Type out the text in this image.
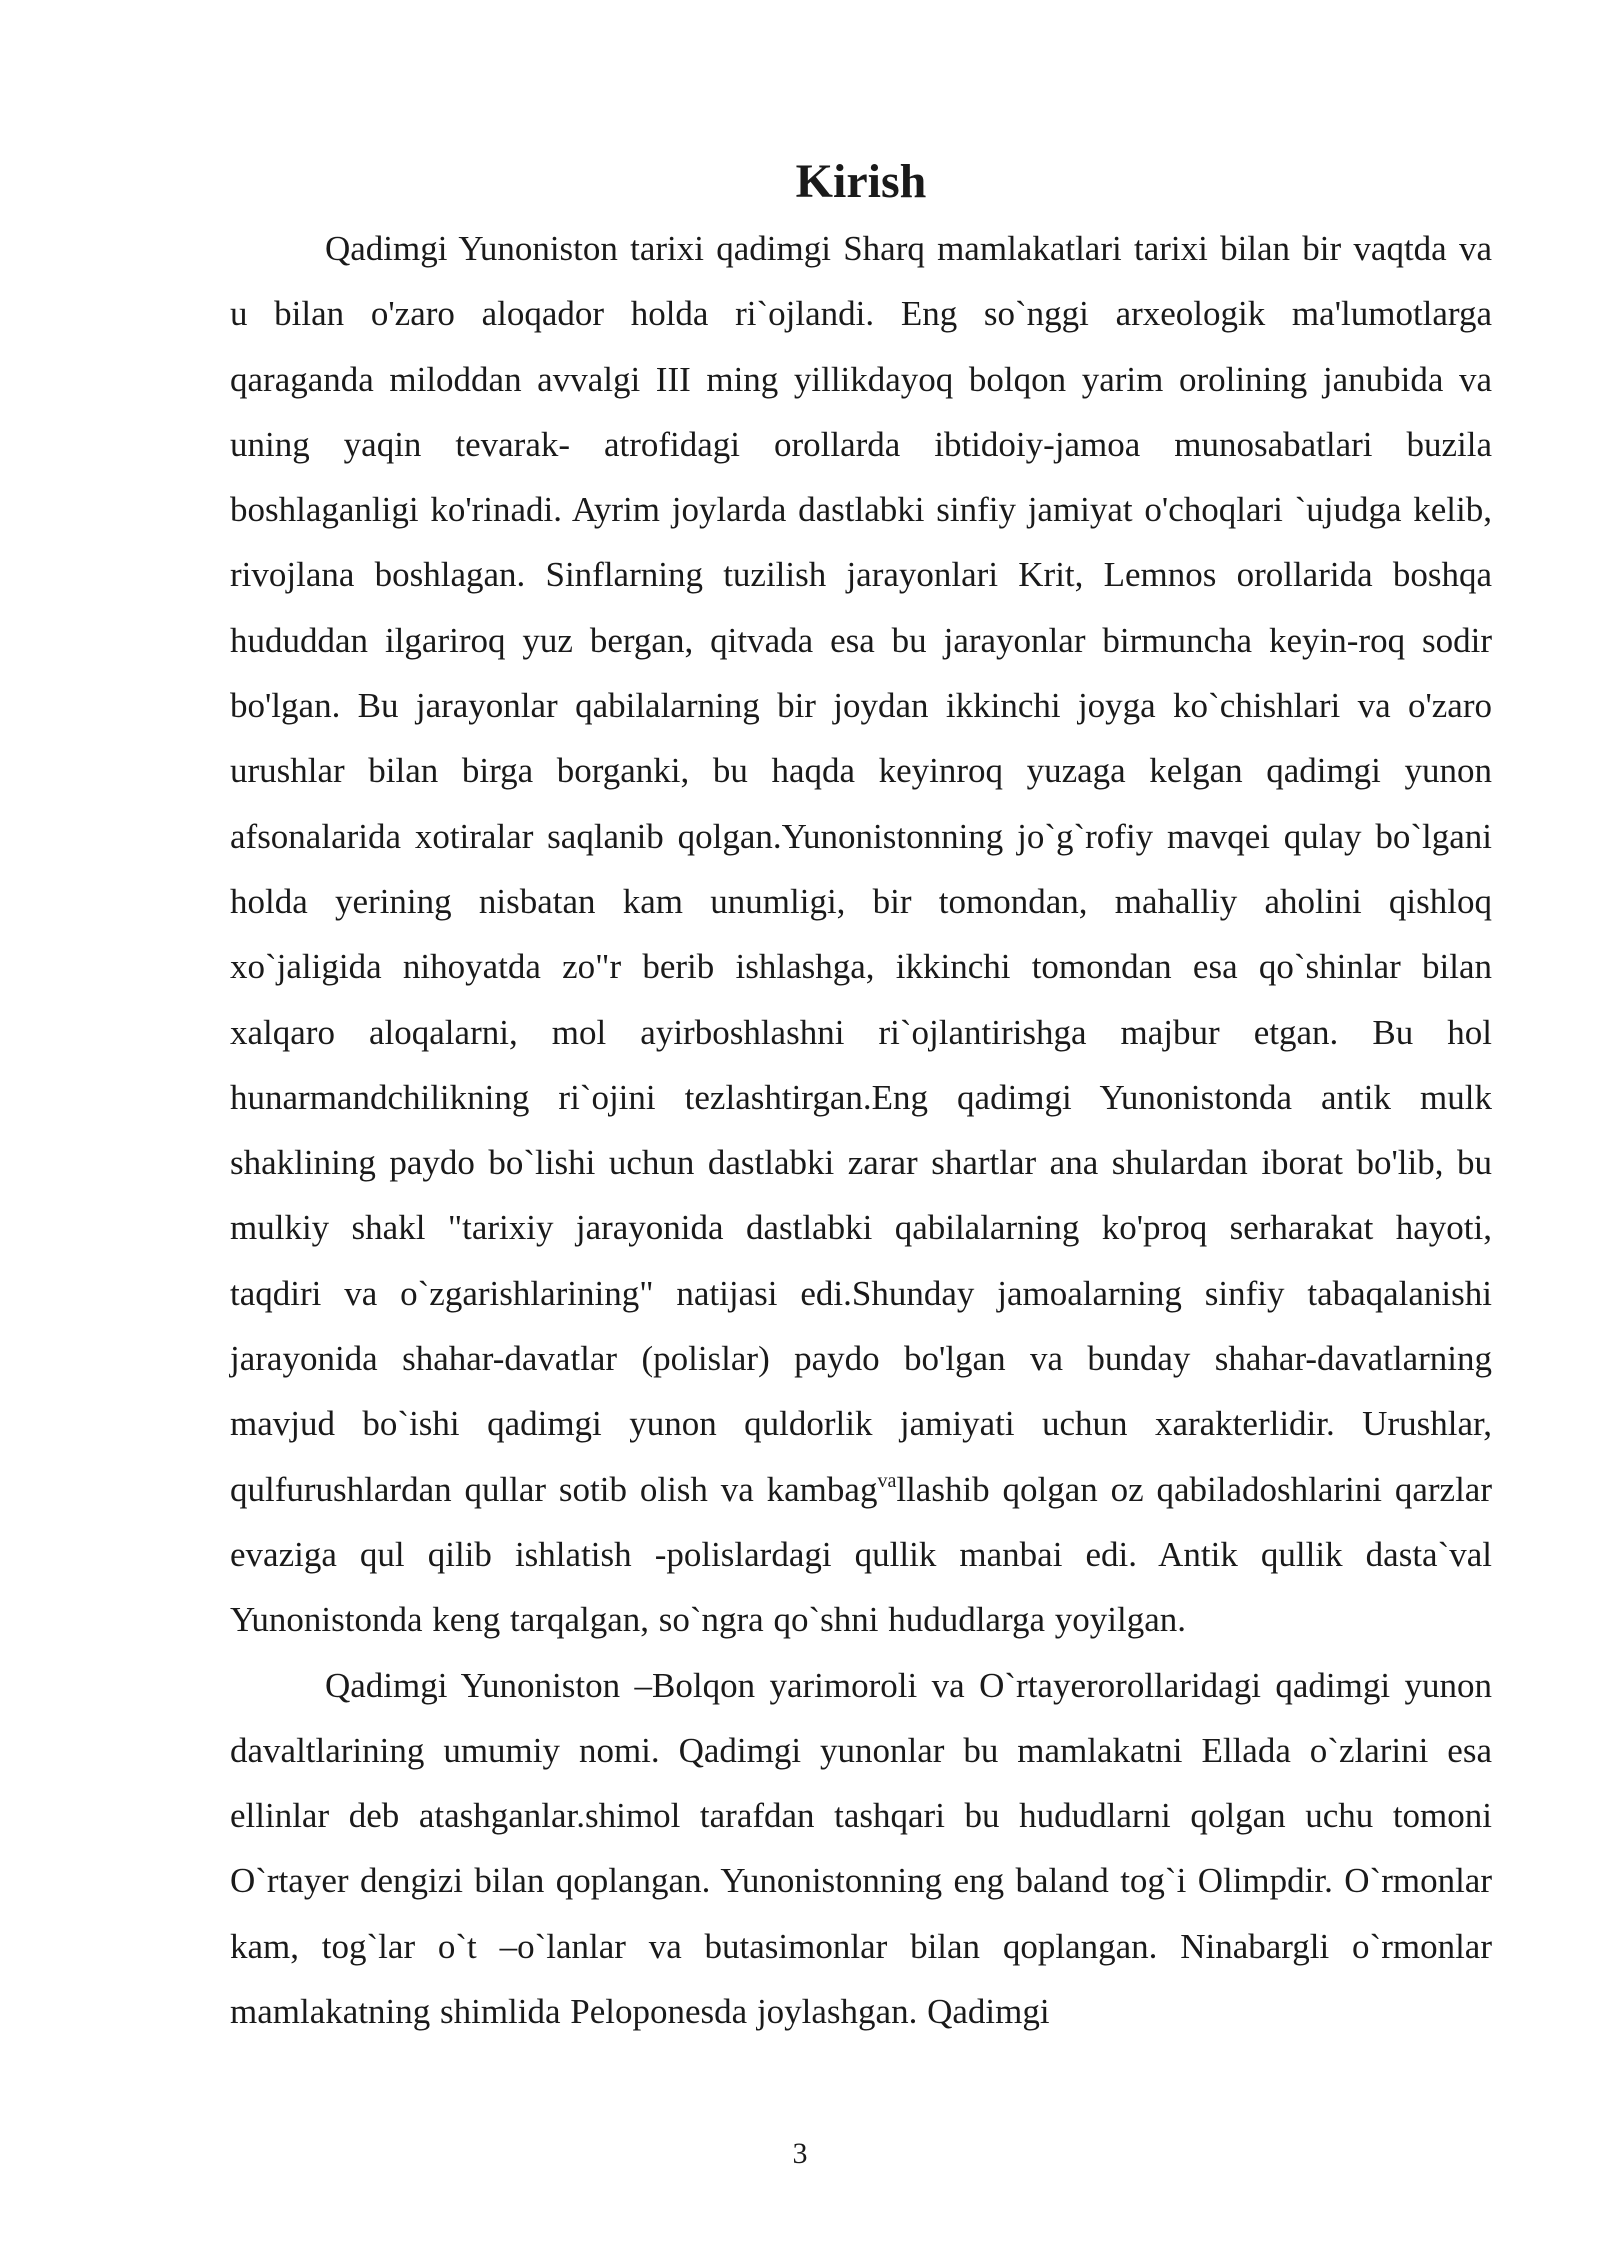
Kirish

Qadimgi Yunoniston tarixi qadimgi Sharq mamlakatlari tarixi bilan bir vaqtda va u bilan o'zaro aloqador holda ri`ojlandi. Eng so`nggi arxeologik ma'lumotlarga qaraganda miloddan avvalgi III ming yillikdayoq bolqon yarim orolining janubida va uning yaqin tevarak- atrofidagi orollarda ibtidoiy-jamoa munosabatlari buzila boshlaganligi ko'rinadi. Ayrim joylarda dastlabki sinfiy jamiyat o'choqlari `ujudga kelib, rivojlana boshlagan. Sinflarning tuzilish jarayonlari Krit, Lemnos orollarida boshqa hududdan ilgariroq yuz bergan, qitvada esa bu jarayonlar birmuncha keyin-roq sodir bo'lgan. Bu jarayonlar qabilalarning bir joydan ikkinchi joyga ko`chishlari va o'zaro urushlar bilan birga borganki, bu haqda keyinroq yuzaga kelgan qadimgi yunon afsonalarida xotiralar saqlanib qolgan.Yunonistonning jo`g`rofiy mavqei qulay bo`lgani holda yerining nisbatan kam unumligi, bir tomondan, mahalliy aholini qishloq xo`jaligida nihoyatda zo"r berib ishlashga, ikkinchi tomondan esa qo`shinlar bilan xalqaro aloqalarni, mol ayirboshlashni ri`ojlantirishga majbur etgan. Bu hol hunarmandchilikning ri`ojini tezlashtirgan.Eng qadimgi Yunonistonda antik mulk shaklining paydo bo`lishi uchun dastlabki zarar shartlar ana shulardan iborat bo'lib, bu mulkiy shakl "tarixiy jarayonida dastlabki qabilalarning ko'proq serharakat hayoti, taqdiri va o`zgarishlarining" natijasi edi.Shunday jamoalarning sinfiy tabaqalanishi jarayonida shahar-davatlar (polislar) paydo bo'lgan va bunday shahar-davatlarning mavjud bo`ishi qadimgi yunon quldorlik jamiyati uchun xarakterlidir. Urushlar, qulfurushlardan qullar sotib olish va kambag$^{va}$llashib qolgan oz qabiladoshlarini qarzlar evaziga qul qilib ishlatish -polislardagi qullik manbai edi. Antik qullik dasta`val Yunonistonda keng tarqalgan, so`ngra qo`shni hududlarga yoyilgan.

Qadimgi Yunoniston –Bolqon yarimoroli va O`rtayerorollaridagi qadimgi yunon davaltlarining umumiy nomi. Qadimgi yunonlar bu mamlakatni Ellada o`zlarini esa ellinlar deb atashganlar.shimol tarafdan tashqari bu hududlarni qolgan uchu tomoni O`rtayer dengizi bilan qoplangan. Yunonistonning eng baland tog`i Olimpdir. O`rmonlar kam, tog`lar o`t –o`lanlar va butasimonlar bilan qoplangan. Ninabargli o`rmonlar mamlakatning shimlida Peloponesda joylashgan. Qadimgi

3
